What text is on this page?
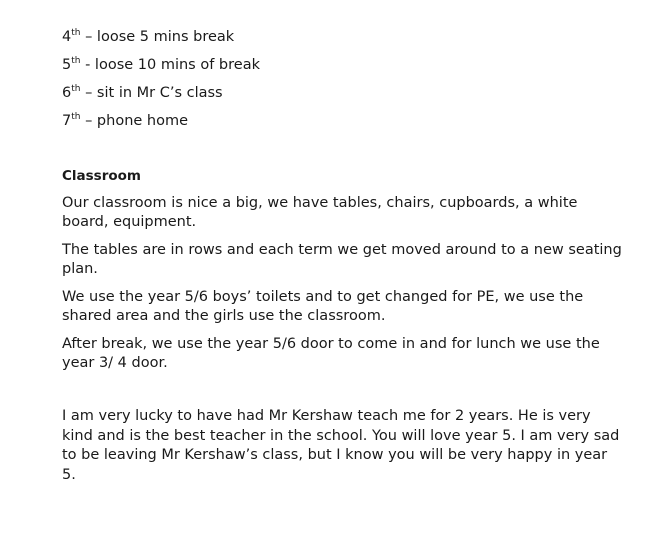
4th – loose 5 mins break
5th - loose 10 mins of break
6th – sit in Mr C’s class
7th – phone home
Classroom

Our classroom is nice a big, we have tables, chairs, cupboards, a white board, equipment.

The tables are in rows and each term we get moved around to a new seating plan.

We use the year 5/6 boys’ toilets and to get changed for PE, we use the shared area and the girls use the classroom.

After break, we use the year 5/6 door to come in and for lunch we use the year 3/ 4 door.

I am very lucky to have had Mr Kershaw teach me for 2 years. He is very kind and is the best teacher in the school. You will love year 5. I am very sad to be leaving Mr Kershaw’s class, but I know you will be very happy in year 5.
